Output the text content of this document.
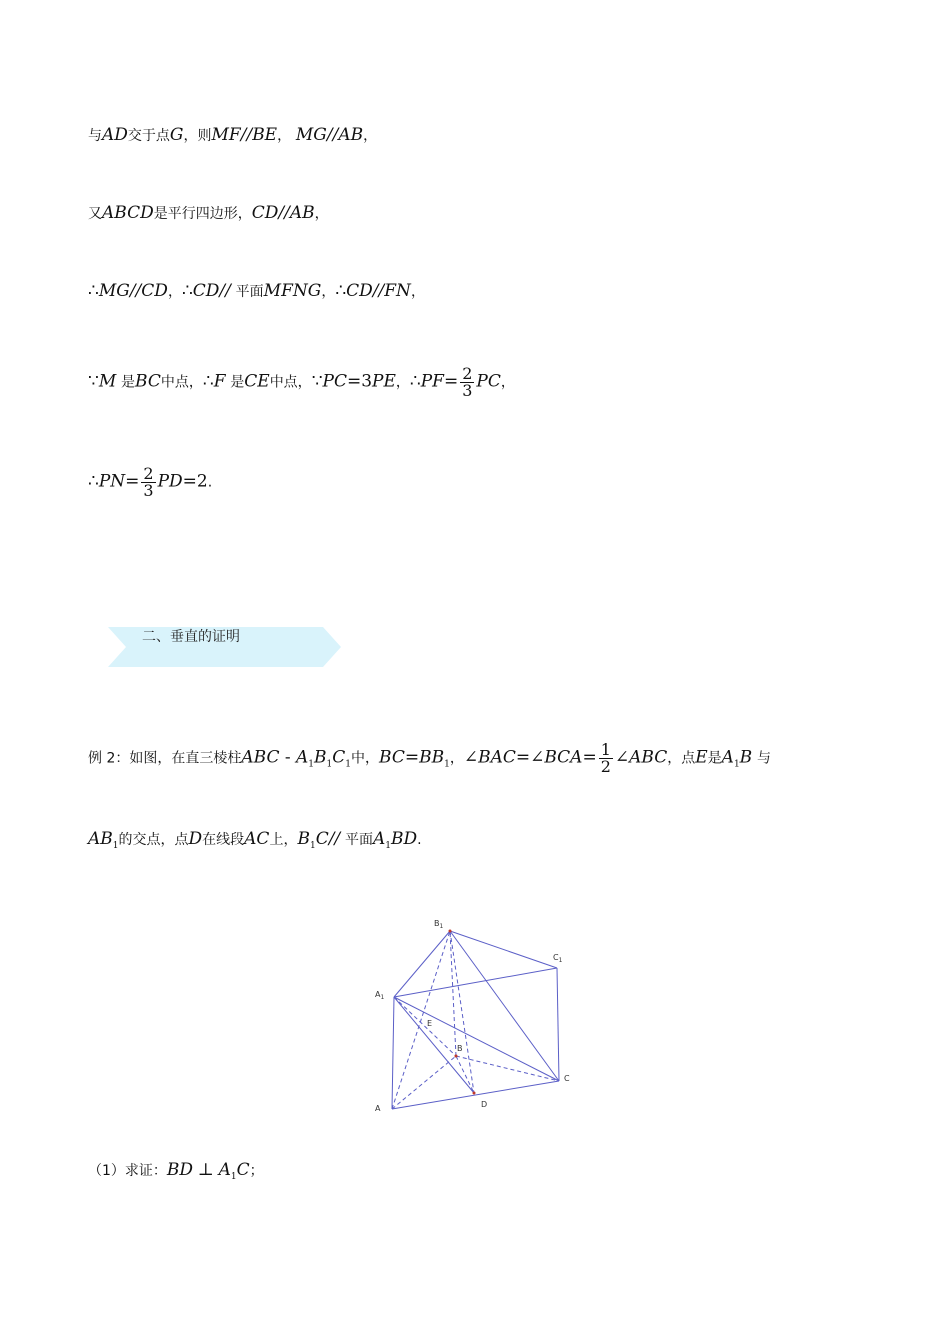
与AD交于点G，则MF//BE， MG//AB，
又ABCD是平行四边形，CD//AB，
∴MG//CD，∴CD// 平面MFNG，∴CD//FN，
∵M 是BC中点，∴F 是CE中点，∵PC=3PE，∴PF= $\frac{2}{3}$ PC，
∴PN= $\frac{2}{3} PD=2$.
二、垂直的证明
例 2：如图，在直三棱柱ABC - $A_1B_1C_1$中，$BC=BB_1$，∠BAC=∠BCA= $\frac{1}{2}$ ∠ABC，点E是$A_1B$ 与
$AB_1$的交点，点D在线段AC上，$B_1C//$ 平面$A_1BD$.
$B_1$
$C_1$
$A_1$
E
B
C
A	D
（1）求证：BD ⊥ $A_1C$；
